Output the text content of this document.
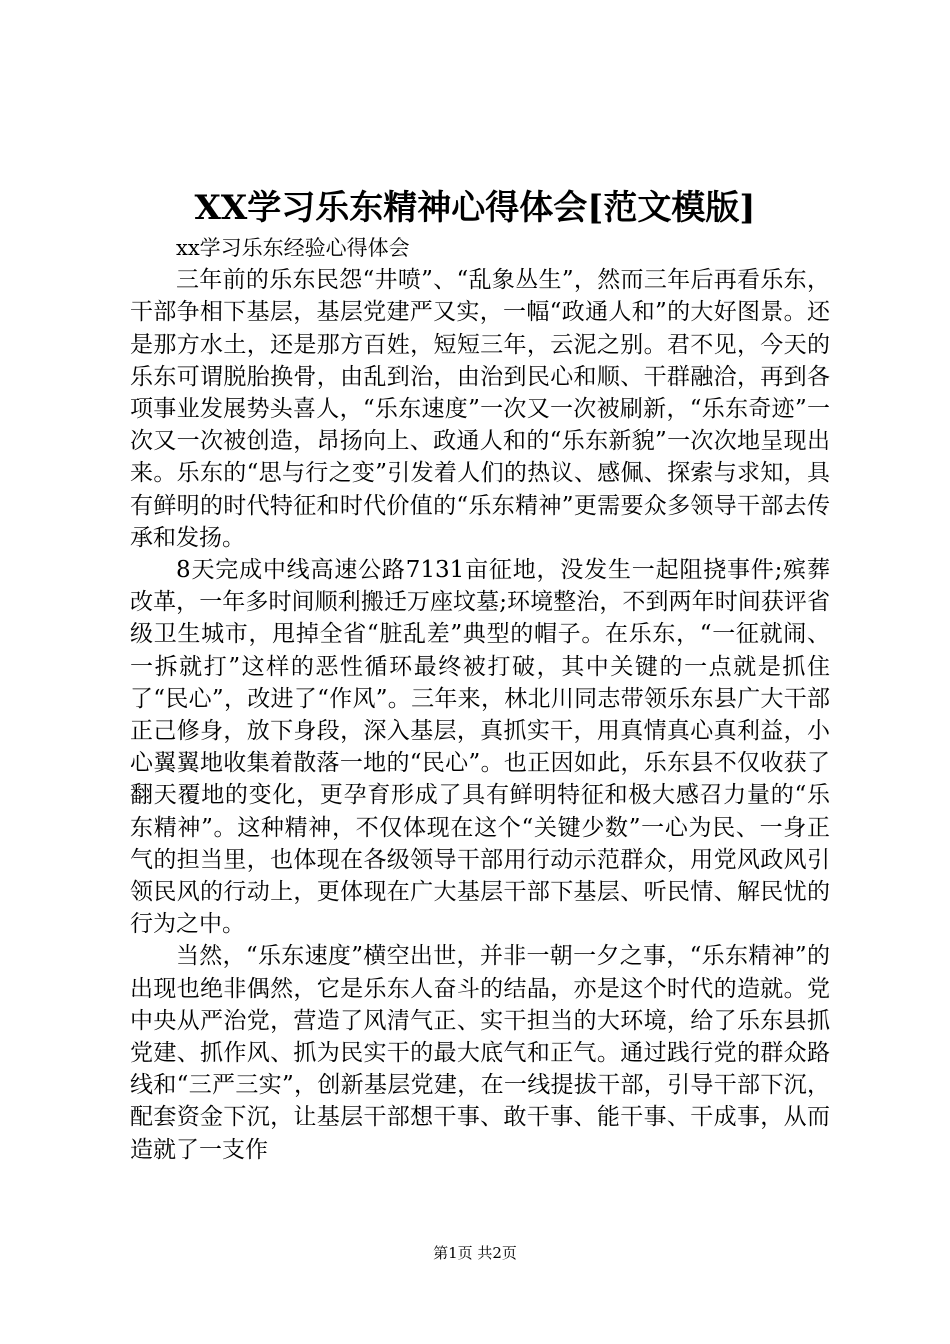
XX学习乐东精神心得体会[范文模版]

xx学习乐东经验心得体会

三年前的乐东民怨“井喷”、“乱象丛生”，然而三年后再看乐东，干部争相下基层，基层党建严又实，一幅“政通人和”的大好图景。还是那方水土，还是那方百姓，短短三年，云泥之别。君不见，今天的乐东可谓脱胎换骨，由乱到治，由治到民心和顺、干群融洽，再到各项事业发展势头喜人，“乐东速度”一次又一次被刷新，“乐东奇迹”一次又一次被创造，昂扬向上、政通人和的“乐东新貌”一次次地呈现出来。乐东的“思与行之变”引发着人们的热议、感佩、探索与求知，具有鲜明的时代特征和时代价值的“乐东精神”更需要众多领导干部去传承和发扬。

8天完成中线高速公路7131亩征地，没发生一起阻挠事件;殡葬改革，一年多时间顺利搬迁万座坟墓;环境整治，不到两年时间获评省级卫生城市，甩掉全省“脏乱差”典型的帽子。在乐东，“一征就闹、一拆就打”这样的恶性循环最终被打破，其中关键的一点就是抓住了“民心”，改进了“作风”。三年来，林北川同志带领乐东县广大干部正己修身，放下身段，深入基层，真抓实干，用真情真心真利益，小心翼翼地收集着散落一地的“民心”。也正因如此，乐东县不仅收获了翻天覆地的变化，更孕育形成了具有鲜明特征和极大感召力量的“乐东精神”。这种精神，不仅体现在这个“关键少数”一心为民、一身正气的担当里，也体现在各级领导干部用行动示范群众，用党风政风引领民风的行动上，更体现在广大基层干部下基层、听民情、解民忧的行为之中。

当然，“乐东速度”横空出世，并非一朝一夕之事，“乐东精神”的出现也绝非偶然，它是乐东人奋斗的结晶，亦是这个时代的造就。党中央从严治党，营造了风清气正、实干担当的大环境，给了乐东县抓党建、抓作风、抓为民实干的最大底气和正气。通过践行党的群众路线和“三严三实”，创新基层党建，在一线提拔干部，引导干部下沉，配套资金下沉，让基层干部想干事、敢干事、能干事、干成事，从而造就了一支作

第1页 共2页
